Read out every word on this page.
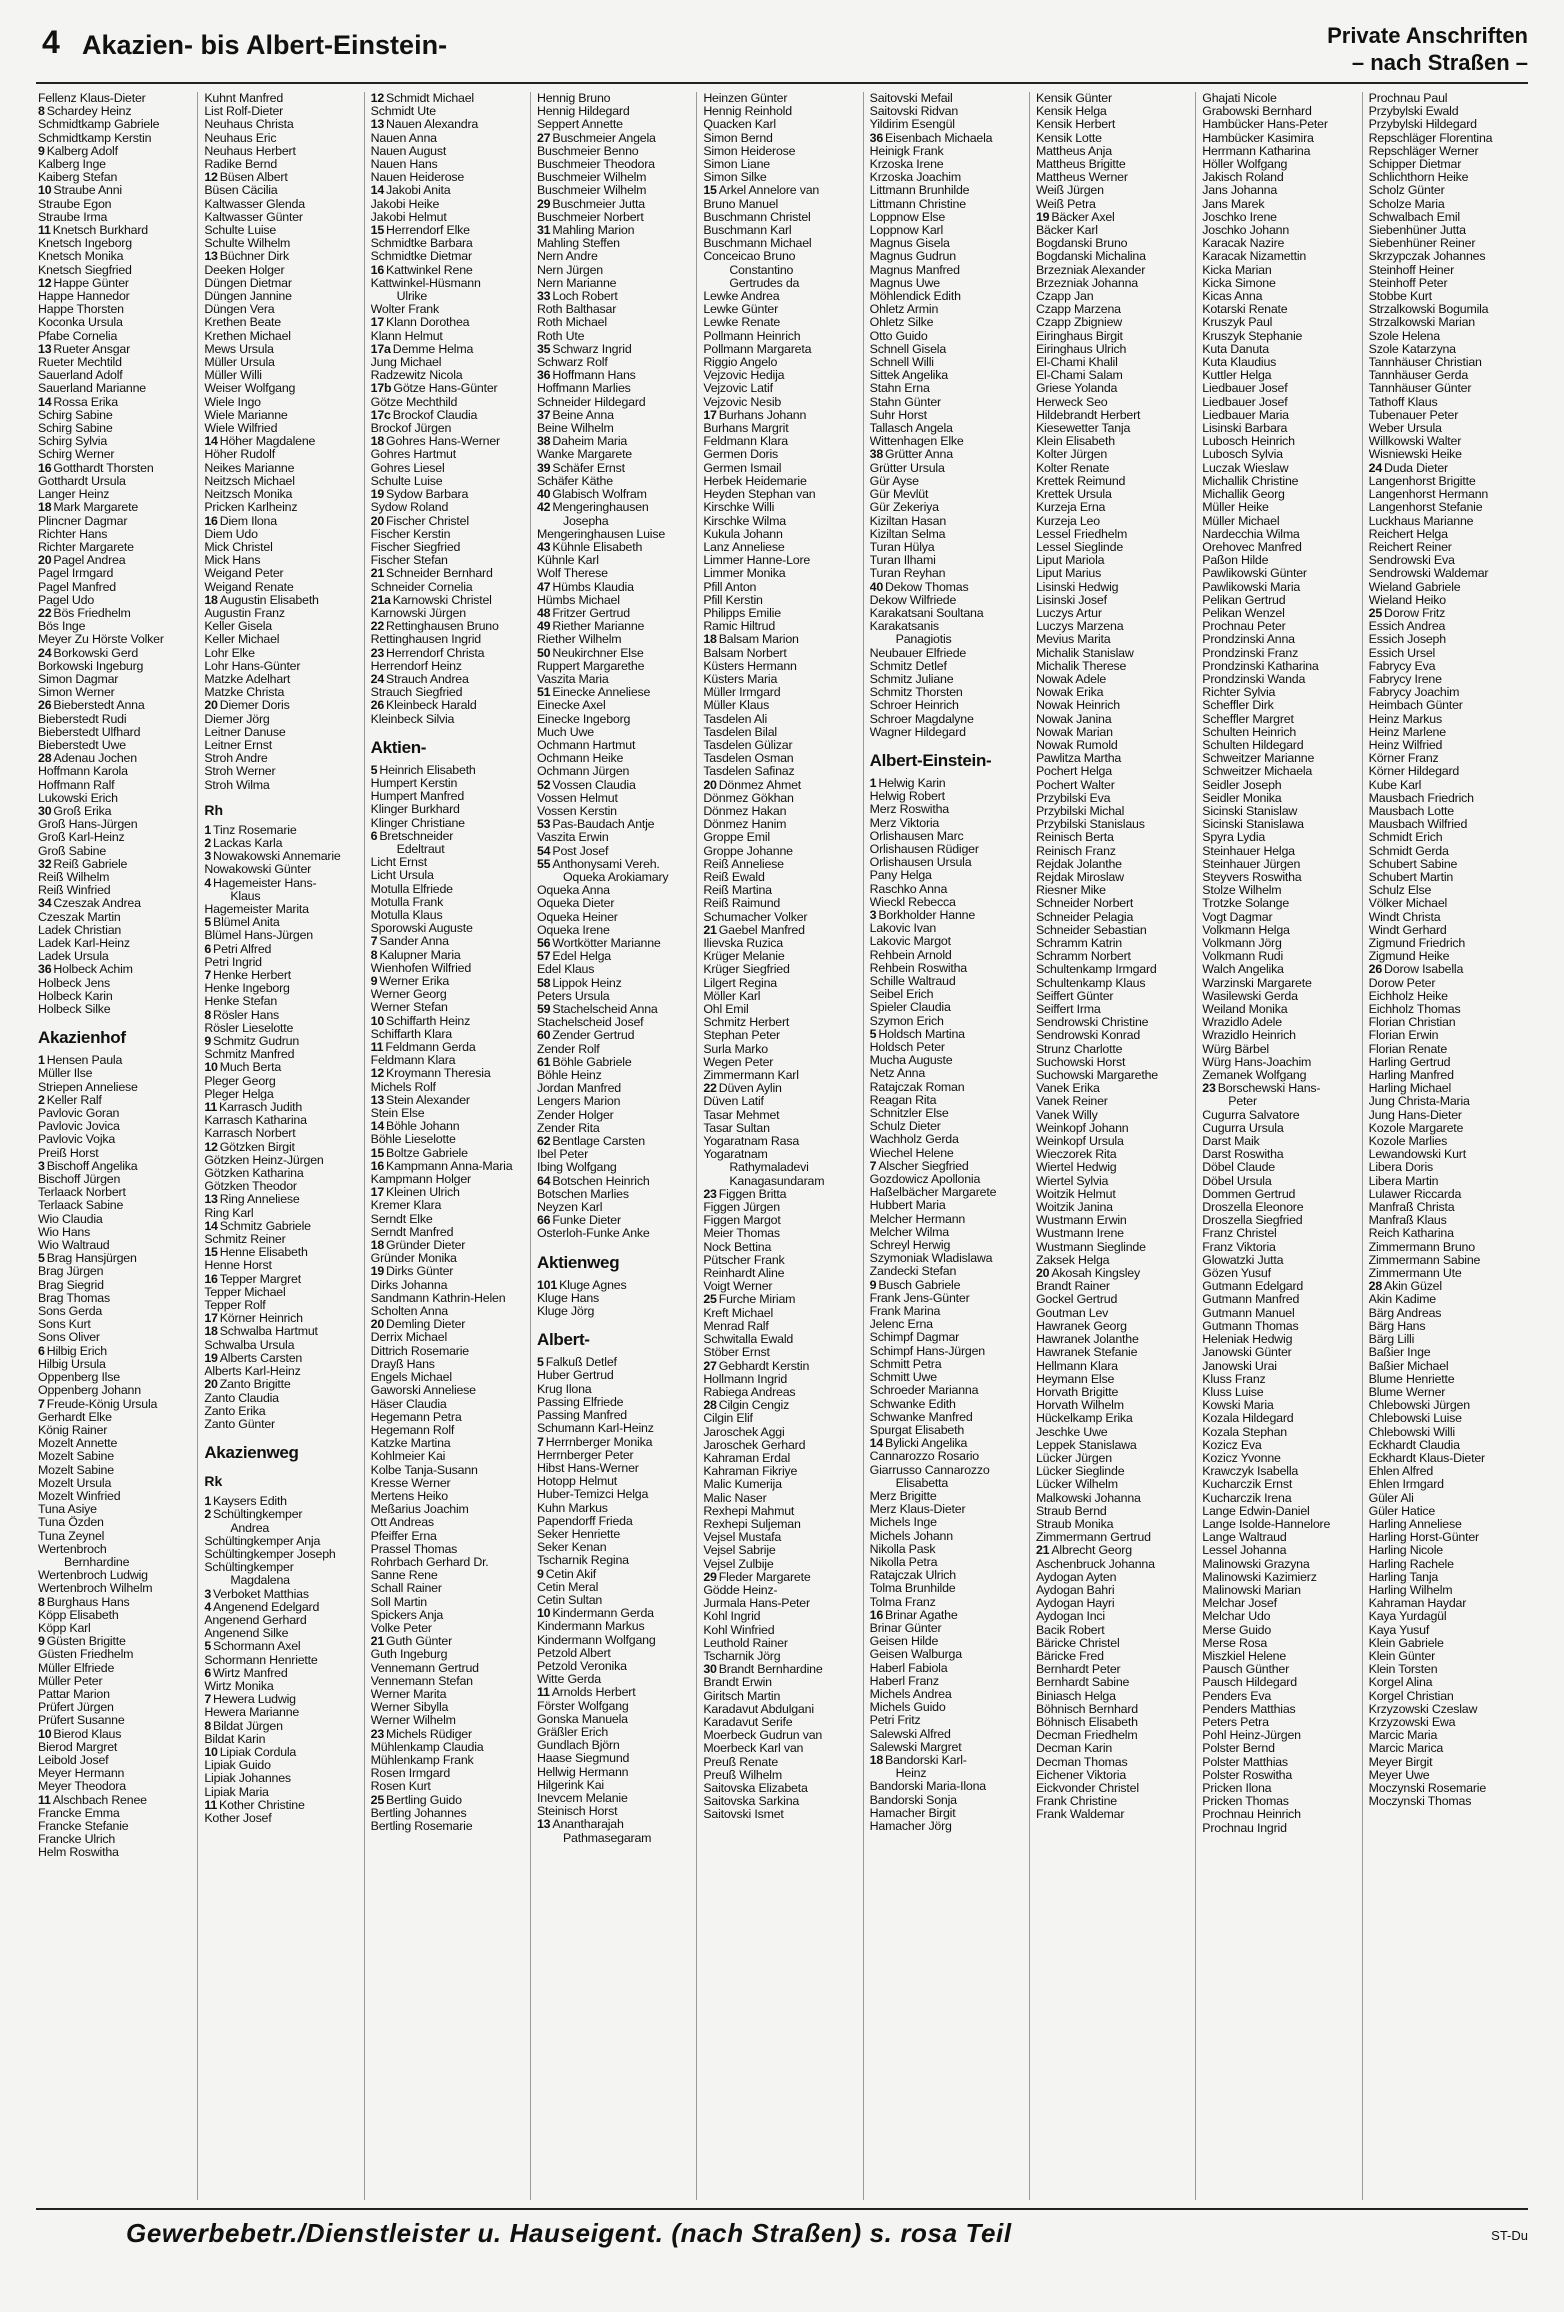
4 Akazien- bis Albert-Einstein-	Private Anschriften
– nach Straßen –
Fellenz Klaus-Dieter
8 Schardey Heinz
Schmidtkamp Gabriele
Schmidtkamp Kerstin
9 Kalberg Adolf
Kalberg Inge
Kaiberg Stefan
10 Straube Anni
Straube Egon
Straube Irma
11 Knetsch Burkhard
Knetsch Ingeborg
Knetsch Monika
Knetsch Siegfried
12 Happe Günter
Happe Hannedor
Happe Thorsten
Koconka Ursula
Pfabe Cornelia
13 Rueter Ansgar
Rueter Mechtild
Sauerland Adolf
Sauerland Marianne
14 Rossa Erika
Schirg Sabine
Schirg Sabine
Schirg Sylvia
Schirg Werner
16 Gotthardt Thorsten
Gotthardt Ursula
Langer Heinz
18 Mark Margarete
Plincner Dagmar
Richter Hans
Richter Margarete
20 Pagel Andrea
Pagel Irmgard
Pagel Manfred
Pagel Udo
22 Bös Friedhelm
Bös Inge
Meyer Zu Hörste Volker
24 Borkowski Gerd
Borkowski Ingeburg
Simon Dagmar
Simon Werner
26 Bieberstedt Anna
Bieberstedt Rudi
Bieberstedt Ulfhard
Bieberstedt Uwe
28 Adenau Jochen
Hoffmann Karola
Hoffmann Ralf
Lukowski Erich
30 Groß Erika
Groß Hans-Jürgen
Groß Karl-Heinz
Groß Sabine
32 Reiß Gabriele
Reiß Wilhelm
Reiß Winfried
34 Czeszak Andrea
Czeszak Martin
Ladek Christian
Ladek Karl-Heinz
Ladek Ursula
36 Holbeck Achim
Holbeck Jens
Holbeck Karin
Holbeck Silke
Akazienhof
1 Hensen Paula
Müller Ilse
Striepen Anneliese
2 Keller Ralf
Pavlovic Goran
Pavlovic Jovica
Pavlovic Vojka
Preiß Horst
3 Bischoff Angelika
Bischoff Jürgen
Terlaack Norbert
Terlaack Sabine
Wio Claudia
Wio Hans
Wio Waltraud
5 Brag Hansjürgen
Brag Jürgen
Brag Siegrid
Brag Thomas
Sons Gerda
Sons Kurt
Sons Oliver
6 Hilbig Erich
Hilbig Ursula
Oppenberg Ilse
Oppenberg Johann
7 Freude-König Ursula
Gerhardt Elke
König Rainer
Mozelt Annette
Mozelt Sabine
Mozelt Sabine
Mozelt Ursula
Mozelt Winfried
Tuna Asiye
Tuna Özden
Tuna Zeynel
Wertenbroch
Bernhardine
Wertenbroch Ludwig
Wertenbroch Wilhelm
8 Burghaus Hans
Köpp Elisabeth
Köpp Karl
9 Güsten Brigitte
Güsten Friedhelm
Müller Elfriede
Müller Peter
Pattar Marion
Prüfert Jürgen
Prüfert Susanne
10 Bierod Klaus
Bierod Margret
Leibold Josef
Meyer Hermann
Meyer Theodora
11 Alschbach Renee
Francke Emma
Francke Stefanie
Francke Ulrich
Helm Roswitha
Kuhnt Manfred
List Rolf-Dieter
Neuhaus Christa
Neuhaus Eric
Neuhaus Herbert
Radike Bernd
12 Büsen Albert
Büsen Cäcilia
Kaltwasser Glenda
Kaltwasser Günter
Schulte Luise
Schulte Wilhelm
13 Büchner Dirk
Deeken Holger
Düngen Dietmar
Düngen Jannine
Düngen Vera
Krethen Beate
Krethen Michael
Mews Ursula
Müller Ursula
Müller Willi
Weiser Wolfgang
Wiele Ingo
Wiele Marianne
Wiele Wilfried
14 Höher Magdalene
Höher Rudolf
Neikes Marianne
Neitzsch Michael
Neitzsch Monika
Pricken Karlheinz
16 Diem Ilona
Diem Udo
Mick Christel
Mick Hans
Weigand Peter
Weigand Renate
18 Augustin Elisabeth
Augustin Franz
Keller Gisela
Keller Michael
Lohr Elke
Lohr Hans-Günter
Matzke Adelhart
Matzke Christa
20 Diemer Doris
Diemer Jörg
Leitner Danuse
Leitner Ernst
Stroh Andre
Stroh Werner
Stroh Wilma
Rh
1 Tinz Rosemarie
2 Lackas Karla
3 Nowakowski Annemarie
Nowakowski Günter
4 Hagemeister Hans-
Klaus
Hagemeister Marita
5 Blümel Anita
Blümel Hans-Jürgen
6 Petri Alfred
Petri Ingrid
7 Henke Herbert
Henke Ingeborg
Henke Stefan
8 Rösler Hans
Rösler Lieselotte
9 Schmitz Gudrun
Schmitz Manfred
10 Much Berta
Pleger Georg
Pleger Helga
11 Karrasch Judith
Karrasch Katharina
Karrasch Norbert
12 Götzken Birgit
Götzken Heinz-Jürgen
Götzken Katharina
Götzken Theodor
13 Ring Anneliese
Ring Karl
14 Schmitz Gabriele
Schmitz Reiner
15 Henne Elisabeth
Henne Horst
16 Tepper Margret
Tepper Michael
Tepper Rolf
17 Körner Heinrich
18 Schwalba Hartmut
Schwalba Ursula
19 Alberts Carsten
Alberts Karl-Heinz
20 Zanto Brigitte
Zanto Claudia
Zanto Erika
Zanto Günter
Akazienweg
Rk
1 Kaysers Edith
2 Schültingkemper
Andrea
Schültingkemper Anja
Schültingkemper Joseph
Schültingkemper
Magdalena
3 Verboket Matthias
4 Angenend Edelgard
Angenend Gerhard
Angenend Silke
5 Schormann Axel
Schormann Henriette
6 Wirtz Manfred
Wirtz Monika
7 Hewera Ludwig
Hewera Marianne
8 Bildat Jürgen
Bildat Karin
10 Lipiak Cordula
Lipiak Guido
Lipiak Johannes
Lipiak Maria
11 Kother Christine
Kother Josef
12 Schmidt Michael
Schmidt Ute
13 Nauen Alexandra
Nauen Anna
Nauen August
Nauen Hans
Nauen Heiderose
14 Jakobi Anita
Jakobi Heike
Jakobi Helmut
15 Herrendorf Elke
Schmidtke Barbara
Schmidtke Dietmar
16 Kattwinkel Rene
Kattwinkel-Hüsmann
Ulrike
Wolter Frank
17 Klann Dorothea
Klann Helmut
17a Demme Helma
Jung Michael
Radzewitz Nicola
17b Götze Hans-Günter
Götze Mechthild
17c Brockof Claudia
Brockof Jürgen
18 Gohres Hans-Werner
Gohres Hartmut
Gohres Liesel
Schulte Luise
19 Sydow Barbara
Sydow Roland
20 Fischer Christel
Fischer Kerstin
Fischer Siegfried
Fischer Stefan
21 Schneider Bernhard
Schneider Cornelia
21a Karnowski Christel
Karnowski Jürgen
22 Rettinghausen Bruno
Rettinghausen Ingrid
23 Herrendorf Christa
Herrendorf Heinz
24 Strauch Andrea
Strauch Siegfried
26 Kleinbeck Harald
Kleinbeck Silvia
Aktien-
5 Heinrich Elisabeth
Humpert Kerstin
Humpert Manfred
Klinger Burkhard
Klinger Christiane
6 Bretschneider
Edeltraut
Licht Ernst
Licht Ursula
Motulla Elfriede
Motulla Frank
Motulla Klaus
Sporowski Auguste
7 Sander Anna
8 Kalupner Maria
Wienhofen Wilfried
9 Werner Erika
Werner Georg
Werner Stefan
10 Schiffarth Heinz
Schiffarth Klara
11 Feldmann Gerda
Feldmann Klara
12 Kroymann Theresia
Michels Rolf
13 Stein Alexander
Stein Else
14 Böhle Johann
Böhle Lieselotte
15 Boltze Gabriele
16 Kampmann Anna-Maria
Kampmann Holger
17 Kleinen Ulrich
Kremer Klara
Serndt Elke
Serndt Manfred
18 Gründer Dieter
Gründer Monika
19 Dirks Günter
Dirks Johanna
Sandmann Kathrin-Helen
Scholten Anna
20 Demling Dieter
Derrix Michael
Dittrich Rosemarie
Drayß Hans
Engels Michael
Gaworski Anneliese
Häser Claudia
Hegemann Petra
Hegemann Rolf
Katzke Martina
Kohlmeier Kai
Kolbe Tanja-Susann
Kresse Werner
Mertens Heiko
Meßarius Joachim
Ott Andreas
Pfeiffer Erna
Prassel Thomas
Rohrbach Gerhard Dr.
Sanne Rene
Schall Rainer
Soll Martin
Spickers Anja
Volke Peter
21 Guth Günter
Guth Ingeburg
Vennemann Gertrud
Vennemann Stefan
Werner Marita
Werner Sibylla
Werner Wilhelm
23 Michels Rüdiger
Mühlenkamp Claudia
Mühlenkamp Frank
Rosen Irmgard
Rosen Kurt
25 Bertling Guido
Bertling Johannes
Bertling Rosemarie
Hennig Bruno
Hennig Hildegard
Seppert Annette
27 Buschmeier Angela
Buschmeier Benno
Buschmeier Theodora
Buschmeier Wilhelm
Buschmeier Wilhelm
29 Buschmeier Jutta
Buschmeier Norbert
31 Mahling Marion
Mahling Steffen
Nern Andre
Nern Jürgen
Nern Marianne
33 Loch Robert
Roth Balthasar
Roth Michael
Roth Ute
35 Schwarz Ingrid
Schwarz Rolf
36 Hoffmann Hans
Hoffmann Marlies
Schneider Hildegard
37 Beine Anna
Beine Wilhelm
38 Daheim Maria
Wanke Margarete
39 Schäfer Ernst
Schäfer Käthe
40 Glabisch Wolfram
42 Mengeringhausen
Josepha
Mengeringhausen Luise
43 Kühnle Elisabeth
Kühnle Karl
Wolf Therese
47 Hümbs Klaudia
Hümbs Michael
48 Fritzer Gertrud
49 Riether Marianne
Riether Wilhelm
50 Neukirchner Else
Ruppert Margarethe
Vaszita Maria
51 Einecke Anneliese
Einecke Axel
Einecke Ingeborg
Much Uwe
Ochmann Hartmut
Ochmann Heike
Ochmann Jürgen
52 Vossen Claudia
Vossen Helmut
Vossen Kerstin
53 Pas-Baudach Antje
Vaszita Erwin
54 Post Josef
55 Anthonysami Vereh.
Oqueka Arokiamary
Oqueka Anna
Oqueka Dieter
Oqueka Heiner
Oqueka Irene
56 Wortkötter Marianne
57 Edel Helga
Edel Klaus
58 Lippok Heinz
Peters Ursula
59 Stachelscheid Anna
Stachelscheid Josef
60 Zender Gertrud
Zender Rolf
61 Böhle Gabriele
Böhle Heinz
Jordan Manfred
Lengers Marion
Zender Holger
Zender Rita
62 Bentlage Carsten
Ibel Peter
Ibing Wolfgang
64 Botschen Heinrich
Botschen Marlies
Neyzen Karl
66 Funke Dieter
Osterloh-Funke Anke
Aktienweg
101 Kluge Agnes
Kluge Hans
Kluge Jörg
Albert-
5 Falkuß Detlef
Huber Gertrud
Krug Ilona
Passing Elfriede
Passing Manfred
Schumann Karl-Heinz
7 Herrnberger Monika
Herrnberger Peter
Hibst Hans-Werner
Hotopp Helmut
Huber-Temizci Helga
Kuhn Markus
Papendorff Frieda
Seker Henriette
Seker Kenan
Tscharnik Regina
9 Cetin Akif
Cetin Meral
Cetin Sultan
10 Kindermann Gerda
Kindermann Markus
Kindermann Wolfgang
Petzold Albert
Petzold Veronika
Witte Gerda
11 Arnolds Herbert
Förster Wolfgang
Gonska Manuela
Gräßler Erich
Gundlach Björn
Haase Siegmund
Hellwig Hermann
Hilgerink Kai
Inevcem Melanie
Steinisch Horst
13 Anantharajah
Pathmasegaram
Heinzen Günter
Hennig Reinhold
Quacken Karl
Simon Bernd
Simon Heiderose
Simon Liane
Simon Silke
15 Arkel Annelore van
Bruno Manuel
Buschmann Christel
Buschmann Karl
Buschmann Michael
Conceicao Bruno
Constantino
Gertrudes da
Lewke Andrea
Lewke Günter
Lewke Renate
Pollmann Heinrich
Pollmann Margareta
Riggio Angelo
Vejzovic Hedija
Vejzovic Latif
Vejzovic Nesib
17 Burhans Johann
Burhans Margrit
Feldmann Klara
Germen Doris
Germen Ismail
Herbek Heidemarie
Heyden Stephan van
Kirschke Willi
Kirschke Wilma
Kukula Johann
Lanz Anneliese
Limmer Hanne-Lore
Limmer Monika
Pfill Anton
Pfill Kerstin
Philipps Emilie
Ramic Hiltrud
18 Balsam Marion
Balsam Norbert
Küsters Hermann
Küsters Maria
Müller Irmgard
Müller Klaus
Tasdelen Ali
Tasdelen Bilal
Tasdelen Gülizar
Tasdelen Osman
Tasdelen Safinaz
20 Dönmez Ahmet
Dönmez Gökhan
Dönmez Hakan
Dönmez Hanim
Groppe Emil
Groppe Johanne
Reiß Anneliese
Reiß Ewald
Reiß Martina
Reiß Raimund
Schumacher Volker
21 Gaebel Manfred
Ilievska Ruzica
Krüger Melanie
Krüger Siegfried
Lilgert Regina
Möller Karl
Ohl Emil
Schmitz Herbert
Stephan Peter
Surla Marko
Wegen Peter
Zimmermann Karl
22 Düven Aylin
Düven Latif
Tasar Mehmet
Tasar Sultan
Yogaratnam Rasa
Yogaratnam
Rathymaladevi
Kanagasundaram
23 Figgen Britta
Figgen Jürgen
Figgen Margot
Meier Thomas
Nock Bettina
Pütscher Frank
Reinhardt Aline
Voigt Werner
25 Furche Miriam
Kreft Michael
Menrad Ralf
Schwitalla Ewald
Stöber Ernst
27 Gebhardt Kerstin
Hollmann Ingrid
Rabiega Andreas
28 Cilgin Cengiz
Cilgin Elif
Jaroschek Aggi
Jaroschek Gerhard
Kahraman Erdal
Kahraman Fikriye
Malic Kumerija
Malic Naser
Rexhepi Mahmut
Rexhepi Suljeman
Vejsel Mustafa
Vejsel Sabrije
Vejsel Zulbije
29 Fleder Margarete
Gödde Heinz-
Jurmala Hans-Peter
Kohl Ingrid
Kohl Winfried
Leuthold Rainer
Tscharnik Jörg
30 Brandt Bernhardine
Brandt Erwin
Giritsch Martin
Karadavut Abdulgani
Karadavut Serife
Moerbeck Gudrun van
Moerbeck Karl van
Preuß Renate
Preuß Wilhelm
Saitovska Elizabeta
Saitovska Sarkina
Saitovski Ismet
Saitovski Mefail
Saitovski Ridvan
Yildirim Esengül
36 Eisenbach Michaela
Heinigk Frank
Krzoska Irene
Krzoska Joachim
Littmann Brunhilde
Littmann Christine
Loppnow Else
Loppnow Karl
Magnus Gisela
Magnus Gudrun
Magnus Manfred
Magnus Uwe
Möhlendick Edith
Ohletz Armin
Ohletz Silke
Otto Guido
Schnell Gisela
Schnell Willi
Sittek Angelika
Stahn Erna
Stahn Günter
Suhr Horst
Tallasch Angela
Wittenhagen Elke
38 Grütter Anna
Grütter Ursula
Gür Ayse
Gür Mevlüt
Gür Zekeriya
Kiziltan Hasan
Kiziltan Selma
Turan Hülya
Turan Ilhami
Turan Reyhan
40 Dekow Thomas
Dekow Wilfriede
Karakatsani Soultana
Karakatsanis
Panagiotis
Neubauer Elfriede
Schmitz Detlef
Schmitz Juliane
Schmitz Thorsten
Schroer Heinrich
Schroer Magdalyne
Wagner Hildegard
Albert-Einstein-
1 Helwig Karin
Helwig Robert
Merz Roswitha
Merz Viktoria
Orlishausen Marc
Orlishausen Rüdiger
Orlishausen Ursula
Pany Helga
Raschko Anna
Wieckl Rebecca
3 Borkholder Hanne
Lakovic Ivan
Lakovic Margot
Rehbein Arnold
Rehbein Roswitha
Schille Waltraud
Seibel Erich
Spieler Claudia
Szymon Erich
5 Holdsch Martina
Holdsch Peter
Mucha Auguste
Netz Anna
Ratajczak Roman
Reagan Rita
Schnitzler Else
Schulz Dieter
Wachholz Gerda
Wiechel Helene
7 Alscher Siegfried
Gozdowicz Apollonia
Haßelbächer Margarete
Hubbert Maria
Melcher Hermann
Melcher Wilma
Schreyl Herwig
Szymoniak Wladislawa
Zandecki Stefan
9 Busch Gabriele
Frank Jens-Günter
Frank Marina
Jelenc Erna
Schimpf Dagmar
Schimpf Hans-Jürgen
Schmitt Petra
Schmitt Uwe
Schroeder Marianna
Schwanke Edith
Schwanke Manfred
Spurgat Elisabeth
14 Bylicki Angelika
Cannarozzo Rosario
Giarrusso Cannarozzo
Elisabetta
Merz Brigitte
Merz Klaus-Dieter
Michels Inge
Michels Johann
Nikolla Pask
Nikolla Petra
Ratajczak Ulrich
Tolma Brunhilde
Tolma Franz
16 Brinar Agathe
Brinar Günter
Geisen Hilde
Geisen Walburga
Haberl Fabiola
Haberl Franz
Michels Andrea
Michels Guido
Petri Fritz
Salewski Alfred
Salewski Margret
18 Bandorski Karl-
Heinz
Bandorski Maria-Ilona
Bandorski Sonja
Hamacher Birgit
Hamacher Jörg
Kensik Günter
Kensik Helga
Kensik Herbert
Kensik Lotte
Mattheus Anja
Mattheus Brigitte
Mattheus Werner
Weiß Jürgen
Weiß Petra
19 Bäcker Axel
Bäcker Karl
Bogdanski Bruno
Bogdanski Michalina
Brzezniak Alexander
Brzezniak Johanna
Czapp Jan
Czapp Marzena
Czapp Zbigniew
Eiringhaus Birgit
Eiringhaus Ulrich
El-Chami Khalil
El-Chami Salam
Griese Yolanda
Herweck Seo
Hildebrandt Herbert
Kiesewetter Tanja
Klein Elisabeth
Kolter Jürgen
Kolter Renate
Krettek Reimund
Krettek Ursula
Kurzeja Erna
Kurzeja Leo
Lessel Friedhelm
Lessel Sieglinde
Liput Mariola
Liput Marius
Lisinski Hedwig
Lisinski Josef
Luczys Artur
Luczys Marzena
Mevius Marita
Michalik Stanislaw
Michalik Therese
Nowak Adele
Nowak Erika
Nowak Heinrich
Nowak Janina
Nowak Marian
Nowak Rumold
Pawlitza Martha
Pochert Helga
Pochert Walter
Przybilski Eva
Przybilski Michal
Przybilski Stanislaus
Reinisch Berta
Reinisch Franz
Rejdak Jolanthe
Rejdak Miroslaw
Riesner Mike
Schneider Norbert
Schneider Pelagia
Schneider Sebastian
Schramm Katrin
Schramm Norbert
Schultenkamp Irmgard
Schultenkamp Klaus
Seiffert Günter
Seiffert Irma
Sendrowski Christine
Sendrowski Konrad
Strunz Charlotte
Suchowski Horst
Suchowski Margarethe
Vanek Erika
Vanek Reiner
Vanek Willy
Weinkopf Johann
Weinkopf Ursula
Wieczorek Rita
Wiertel Hedwig
Wiertel Sylvia
Woitzik Helmut
Woitzik Janina
Wustmann Erwin
Wustmann Irene
Wustmann Sieglinde
Zaksek Helga
20 Akosah Kingsley
Brandt Rainer
Gockel Gertrud
Goutman Lev
Hawranek Georg
Hawranek Jolanthe
Hawranek Stefanie
Hellmann Klara
Heymann Else
Horvath Brigitte
Horvath Wilhelm
Hückelkamp Erika
Jeschke Uwe
Leppek Stanislawa
Lücker Jürgen
Lücker Sieglinde
Lücker Wilhelm
Malkowski Johanna
Straub Bernd
Straub Monika
Zimmermann Gertrud
21 Albrecht Georg
Aschenbruck Johanna
Aydogan Ayten
Aydogan Bahri
Aydogan Hayri
Aydogan Inci
Bacik Robert
Bäricke Christel
Bäricke Fred
Bernhardt Peter
Bernhardt Sabine
Biniasch Helga
Böhnisch Bernhard
Böhnisch Elisabeth
Decman Friedhelm
Decman Karin
Decman Thomas
Eichener Viktoria
Eickvonder Christel
Frank Christine
Frank Waldemar
Ghajati Nicole
Grabowski Bernhard
Hambücker Hans-Peter
Hambücker Kasimira
Herrmann Katharina
Höller Wolfgang
Jakisch Roland
Jans Johanna
Jans Marek
Joschko Irene
Joschko Johann
Karacak Nazire
Karacak Nizamettin
Kicka Marian
Kicka Simone
Kicas Anna
Kotarski Renate
Kruszyk Paul
Kruszyk Stephanie
Kuta Danuta
Kuta Klaudius
Kuttler Helga
Liedbauer Josef
Liedbauer Josef
Liedbauer Maria
Lisinski Barbara
Lubosch Heinrich
Lubosch Sylvia
Luczak Wieslaw
Michallik Christine
Michallik Georg
Müller Heike
Müller Michael
Nardecchia Wilma
Orehovec Manfred
Paßon Hilde
Pawlikowski Günter
Pawlikowski Maria
Pelikan Gertrud
Pelikan Wenzel
Prochnau Peter
Prondzinski Anna
Prondzinski Franz
Prondzinski Katharina
Prondzinski Wanda
Richter Sylvia
Scheffler Dirk
Scheffler Margret
Schulten Heinrich
Schulten Hildegard
Schweitzer Marianne
Schweitzer Michaela
Seidler Joseph
Seidler Monika
Sicinski Stanislaw
Sicinski Stanislawa
Spyra Lydia
Steinhauer Helga
Steinhauer Jürgen
Steyvers Roswitha
Stolze Wilhelm
Trotzke Solange
Vogt Dagmar
Volkmann Helga
Volkmann Jörg
Volkmann Rudi
Walch Angelika
Warzinski Margarete
Wasilewski Gerda
Weiland Monika
Wrazidlo Adele
Wrazidlo Heinrich
Würg Bärbel
Würg Hans-Joachim
Zemanek Wolfgang
23 Borschewski Hans-
Peter
Cugurra Salvatore
Cugurra Ursula
Darst Maik
Darst Roswitha
Döbel Claude
Döbel Ursula
Dommen Gertrud
Droszella Eleonore
Droszella Siegfried
Franz Christel
Franz Viktoria
Glowatzki Jutta
Gözen Yusuf
Gutmann Edelgard
Gutmann Manfred
Gutmann Manuel
Gutmann Thomas
Heleniak Hedwig
Janowski Günter
Janowski Urai
Kluss Franz
Kluss Luise
Kowski Maria
Kozala Hildegard
Kozala Stephan
Kozicz Eva
Kozicz Yvonne
Krawczyk Isabella
Kucharczik Ernst
Kucharczik Irena
Lange Edwin-Daniel
Lange Isolde-Hannelore
Lange Waltraud
Lessel Johanna
Malinowski Grazyna
Malinowski Kazimierz
Malinowski Marian
Melchar Josef
Melchar Udo
Merse Guido
Merse Rosa
Miszkiel Helene
Pausch Günther
Pausch Hildegard
Penders Eva
Penders Matthias
Peters Petra
Pohl Heinz-Jürgen
Polster Bernd
Polster Matthias
Polster Roswitha
Pricken Ilona
Pricken Thomas
Prochnau Heinrich
Prochnau Ingrid
Prochnau Paul
Przybylski Ewald
Przybylski Hildegard
Repschläger Florentina
Repschläger Werner
Schipper Dietmar
Schlichthorn Heike
Scholz Günter
Scholze Maria
Schwalbach Emil
Siebenhüner Jutta
Siebenhüner Reiner
Skrzypczak Johannes
Steinhoff Heiner
Steinhoff Peter
Stobbe Kurt
Strzalkowski Bogumila
Strzalkowski Marian
Szole Helena
Szole Katarzyna
Tannhäuser Christian
Tannhäuser Gerda
Tannhäuser Günter
Tathoff Klaus
Tubenauer Peter
Weber Ursula
Willkowski Walter
Wisniewski Heike
24 Duda Dieter
Langenhorst Brigitte
Langenhorst Hermann
Langenhorst Stefanie
Luckhaus Marianne
Reichert Helga
Reichert Reiner
Sendrowski Eva
Sendrowski Waldemar
Wieland Gabriele
Wieland Heiko
25 Dorow Fritz
Essich Andrea
Essich Joseph
Essich Ursel
Fabrycy Eva
Fabrycy Irene
Fabrycy Joachim
Heimbach Günter
Heinz Markus
Heinz Marlene
Heinz Wilfried
Körner Franz
Körner Hildegard
Kube Karl
Mausbach Friedrich
Mausbach Lotte
Mausbach Wilfried
Schmidt Erich
Schmidt Gerda
Schubert Sabine
Schubert Martin
Schulz Else
Völker Michael
Windt Christa
Windt Gerhard
Zigmund Friedrich
Zigmund Heike
26 Dorow Isabella
Dorow Peter
Eichholz Heike
Eichholz Thomas
Florian Christian
Florian Erwin
Florian Renate
Harling Gertrud
Harling Manfred
Harling Michael
Jung Christa-Maria
Jung Hans-Dieter
Kozole Margarete
Kozole Marlies
Lewandowski Kurt
Libera Doris
Libera Martin
Lulawer Riccarda
Manfraß Christa
Manfraß Klaus
Reich Katharina
Zimmermann Bruno
Zimmermann Sabine
Zimmermann Ute
28 Akin Güzel
Akin Kadime
Bärg Andreas
Bärg Hans
Bärg Lilli
Baßier Inge
Baßier Michael
Blume Henriette
Blume Werner
Chlebowski Jürgen
Chlebowski Luise
Chlebowski Willi
Eckhardt Claudia
Eckhardt Klaus-Dieter
Ehlen Alfred
Ehlen Irmgard
Güler Ali
Güler Hatice
Harling Anneliese
Harling Horst-Günter
Harling Nicole
Harling Rachele
Harling Tanja
Harling Wilhelm
Kahraman Haydar
Kaya Yurdagül
Kaya Yusuf
Klein Gabriele
Klein Günter
Klein Torsten
Korgel Alina
Korgel Christian
Krzyzowski Czeslaw
Krzyzowski Ewa
Marcic Maria
Marcic Marica
Meyer Birgit
Meyer Uwe
Moczynski Rosemarie
Moczynski Thomas
Gewerbebetr./Dienstleister u. Hauseigent. (nach Straßen) s. rosa Teil	ST-Du
